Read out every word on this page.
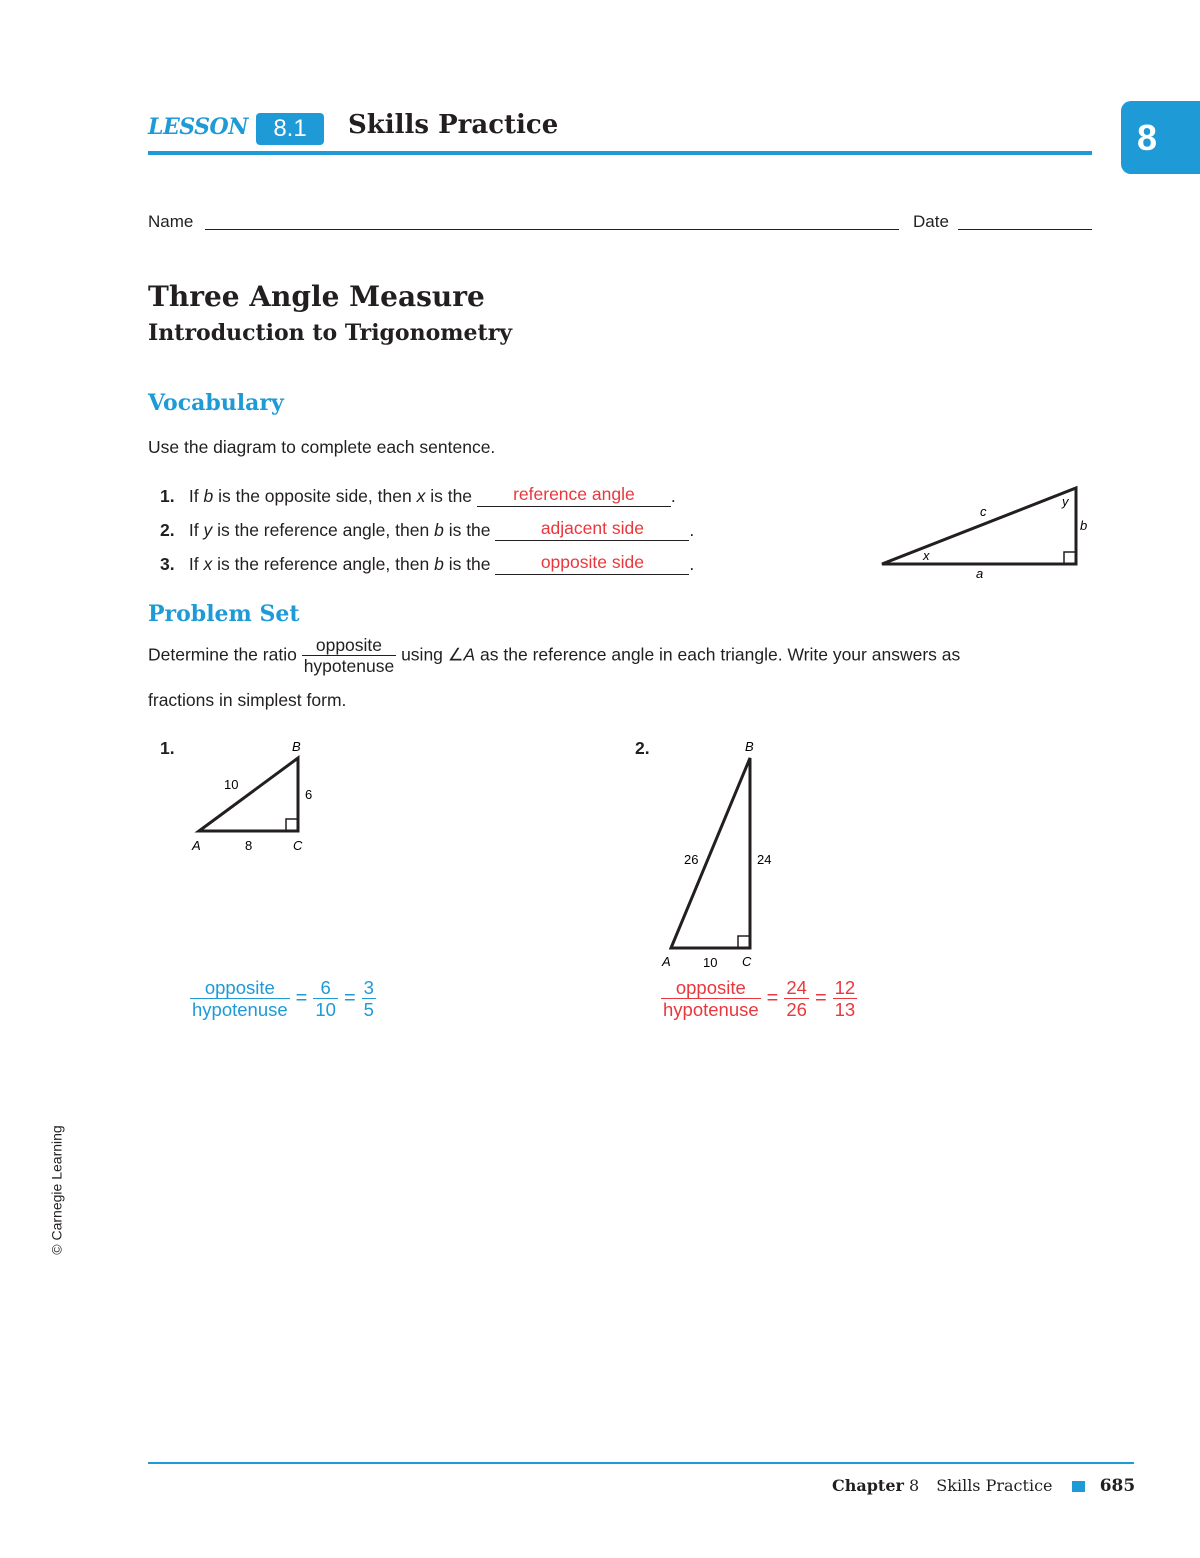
LESSON	8.1	Skills Practice	8
Name	Date
Three Angle Measure
Introduction to Trigonometry
Vocabulary
Use the diagram to complete each sentence.
1. If b is the opposite side, then x is the reference angle .
2. If y is the reference angle, then b is the	adjacent side	.
3. If x is the reference angle, then b is the	opposite side	.
c
y
b
x
a
Problem Set
Determine the ratio $\frac{\text{opposite}}{\text{hypotenuse}}$ using ∠A as the reference angle in each triangle. Write your answers as
fractions in simplest form.
1.	B
10
6
A	8	C
$\frac{\text{opposite}}{\text{hypotenuse}} = \frac{6}{10} = \frac{3}{5}$
2.	B
26	24
A 10 C
$\frac{\text{opposite}}{\text{hypotenuse}} = \frac{24}{26} = \frac{12}{13}$
© Carnegie Learning
Chapter 8 Skills Practice	685
